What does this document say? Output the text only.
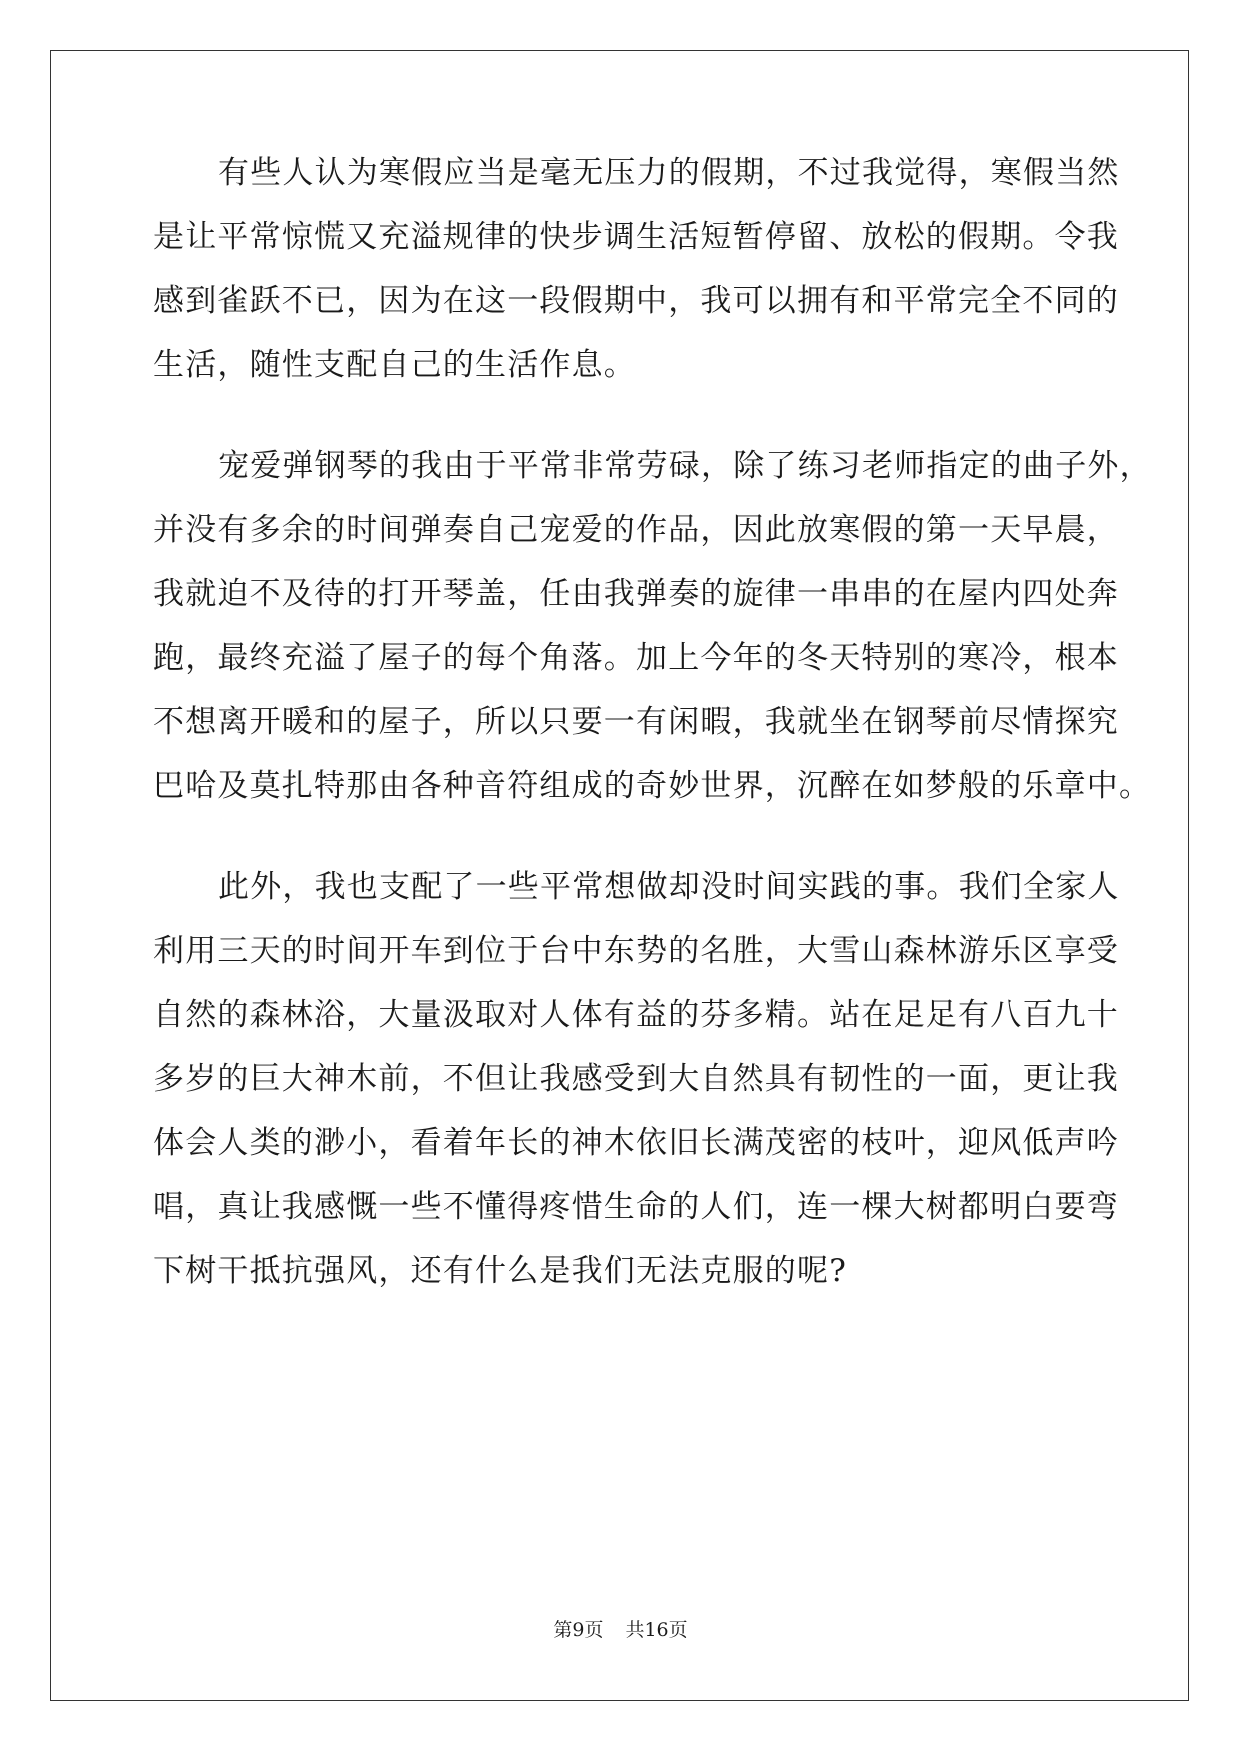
有些人认为寒假应当是毫无压力的假期，不过我觉得，寒假当然
是让平常惊慌又充溢规律的快步调生活短暂停留、放松的假期。令我
感到雀跃不已，因为在这一段假期中，我可以拥有和平常完全不同的
生活，随性支配自己的生活作息。
宠爱弹钢琴的我由于平常非常劳碌，除了练习老师指定的曲子外，
并没有多余的时间弹奏自己宠爱的作品，因此放寒假的第一天早晨，
我就迫不及待的打开琴盖，任由我弹奏的旋律一串串的在屋内四处奔
跑，最终充溢了屋子的每个角落。加上今年的冬天特别的寒冷，根本
不想离开暖和的屋子，所以只要一有闲暇，我就坐在钢琴前尽情探究
巴哈及莫扎特那由各种音符组成的奇妙世界，沉醉在如梦般的乐章中。
此外，我也支配了一些平常想做却没时间实践的事。我们全家人
利用三天的时间开车到位于台中东势的名胜，大雪山森林游乐区享受
自然的森林浴，大量汲取对人体有益的芬多精。站在足足有八百九十
多岁的巨大神木前，不但让我感受到大自然具有韧性的一面，更让我
体会人类的渺小，看着年长的神木依旧长满茂密的枝叶，迎风低声吟
唱，真让我感慨一些不懂得疼惜生命的人们，连一棵大树都明白要弯
下树干抵抗强风，还有什么是我们无法克服的呢?
第9页 共16页
